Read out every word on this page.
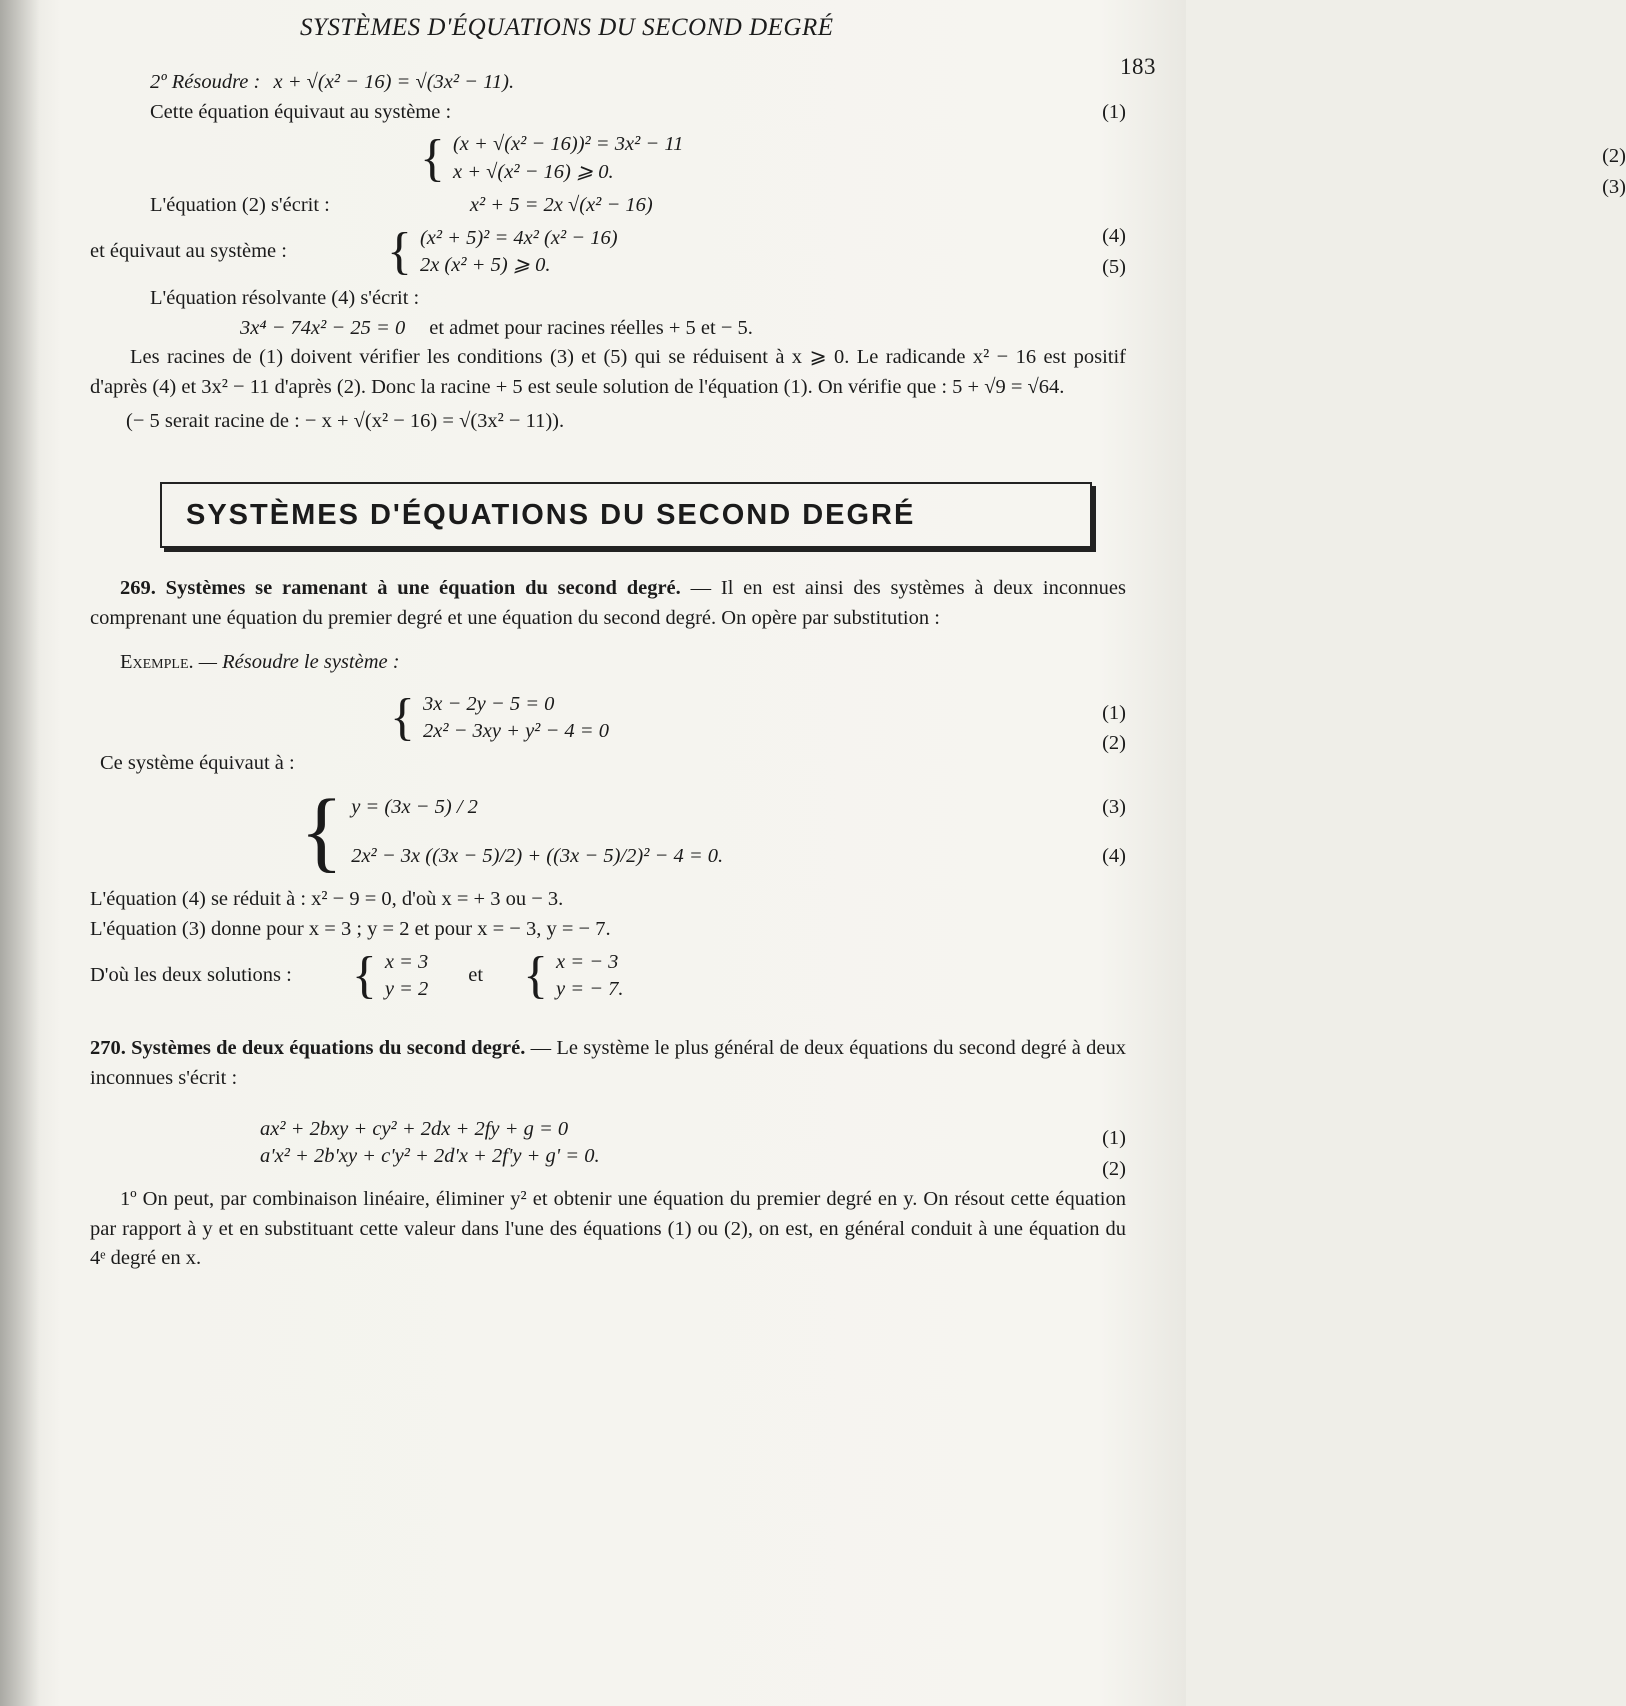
SYSTÈMES D'ÉQUATIONS DU SECOND DEGRÉ
183
2º Résoudre : x + √(x² − 16) = √(3x² − 11).
Cette équation équivaut au système :	(1)
{ (x + √(x² − 16))² = 3x² − 11
x + √(x² − 16) ⩾ 0.
(2)
(3)
L'équation (2) s'écrit :	x² + 5 = 2x √(x² − 16)
et équivaut au système : { (x² + 5)² = 4x² (x² − 16)
2x (x² + 5) ⩾ 0.
(4)
(5)
L'équation résolvante (4) s'écrit :
3x⁴ − 74x² − 25 = 0 et admet pour racines réelles + 5 et − 5.

Les racines de (1) doivent vérifier les conditions (3) et (5) qui se réduisent à x ⩾ 0. Le radicande x² − 16 est positif d'après (4) et 3x² − 11 d'après (2). Donc la racine + 5 est seule solution de l'équation (1). On vérifie que : 5 + √9 = √64.

(− 5 serait racine de : − x + √(x² − 16) = √(3x² − 11)).

SYSTÈMES D'ÉQUATIONS DU SECOND DEGRÉ

269. Systèmes se ramenant à une équation du second degré. — Il en est ainsi des systèmes à deux inconnues comprenant une équation du premier degré et une équation du second degré. On opère par substitution :

Exemple. — Résoudre le système :
{ 3x − 2y − 5 = 0
2x² − 3xy + y² − 4 = 0
(1)
(2)
Ce système équivaut à :
{ y = (3x − 5) / 2
2x² − 3x ((3x − 5)/2) + ((3x − 5)/2)² − 4 = 0.
(3)
(4)
L'équation (4) se réduit à : x² − 9 = 0, d'où x = + 3 ou − 3.
L'équation (3) donne pour x = 3 ; y = 2 et pour x = − 3, y = − 7.
D'où les deux solutions : { x = 3
y = 2
et { x = − 3
y = − 7.

270. Systèmes de deux équations du second degré. — Le système le plus général de deux équations du second degré à deux inconnues s'écrit :

ax² + 2bxy + cy² + 2dx + 2fy + g = 0
a'x² + 2b'xy + c'y² + 2d'x + 2f'y + g' = 0.
(1)
(2)

1º On peut, par combinaison linéaire, éliminer y² et obtenir une équation du premier degré en y. On résout cette équation par rapport à y et en substituant cette valeur dans l'une des équations (1) ou (2), on est, en général conduit à une équation du 4ᵉ degré en x.
